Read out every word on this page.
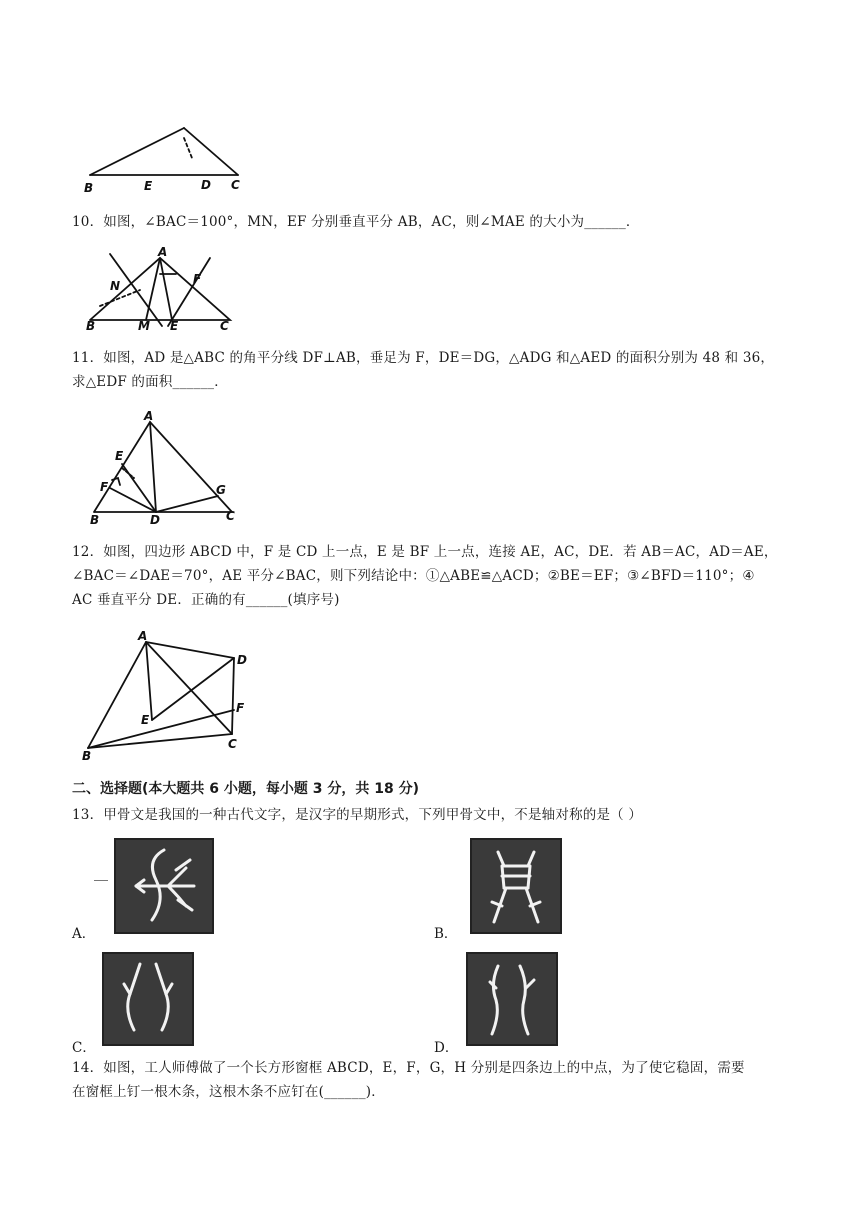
B	E	D C
10．如图，∠BAC＝100°，MN，EF 分别垂直平分 AB，AC，则∠MAE 的大小为______．
A
N	F
B	M E	C
11．如图，AD 是△ABC 的角平分线 DF⊥AB，垂足为 F，DE＝DG，△ADG 和△AED 的面积分别为 48 和 36，
求△EDF 的面积______．
A
E
F	G
B	D	C
12．如图，四边形 ABCD 中，F 是 CD 上一点，E 是 BF 上一点，连接 AE，AC，DE．若 AB＝AC，AD＝AE，
∠BAC＝∠DAE＝70°，AE 平分∠BAC，则下列结论中：①△ABE≌△ACD；②BE＝EF；③∠BFD＝110°；④
AC 垂直平分 DE．正确的有______(填序号)
A
D
E
F
C
B
二、选择题(本大题共 6 小题，每小题 3 分，共 18 分)
13．甲骨文是我国的一种古代文字，是汉字的早期形式，下列甲骨文中，不是轴对称的是（ ）
A．	B．
C．	D．
14．如图，工人师傅做了一个长方形窗框 ABCD，E，F，G，H 分别是四条边上的中点，为了使它稳固，需要
在窗框上钉一根木条，这根木条不应钉在(______)．
